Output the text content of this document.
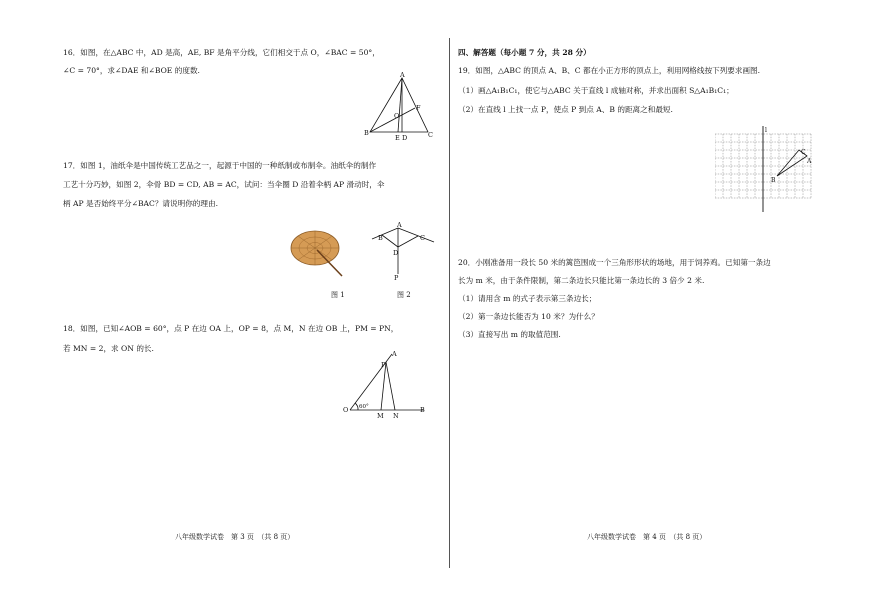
16．如图，在△ABC 中，AD 是高，AE, BF 是角平分线，它们相交于点 O，∠BAC = 50°，
∠C = 70°，求∠DAE 和∠BOE 的度数.	A
B	C
O
F
E D
17．如图 1，油纸伞是中国传统工艺品之一，起源于中国的一种纸制或布制伞。油纸伞的制作
工艺十分巧妙，如图 2，伞骨 BD = CD, AB = AC，试问：当伞圈 D 沿着伞柄 AP 滑动时，伞
柄 AP 是否始终平分∠BAC？请说明你的理由.
图 1
A
B	C
D
P
图 2
18．如图，已知∠AOB = 60°，点 P 在边 OA 上，OP = 8，点 M，N 在边 OB 上，PM = PN，
若 MN = 2，求 ON 的长.
A
P
O 60°
M N
B
八年级数学试卷　第 3 页　（共 8 页）
四、解答题（每小题 7 分，共 28 分）
19．如图，△ABC 的顶点 A、B、C 都在小正方形的顶点上，利用网格线按下列要求画图.
（1）画△A₁B₁C₁，使它与△ABC 关于直线 l 成轴对称，并求出面积 S△A₁B₁C₁；
（2）在直线 l 上找一点 P，使点 P 到点 A、B 的距离之和最短.
l
A
B
C
20．小刚准备用一段长 50 米的篱笆围成一个三角形形状的场地，用于饲养鸡。已知第一条边
长为 m 米，由于条件限制，第二条边长只能比第一条边长的 3 倍少 2 米.
（1）请用含 m 的式子表示第三条边长；
（2）第一条边长能否为 10 米？为什么？
（3）直接写出 m 的取值范围.
八年级数学试卷　第 4 页　（共 8 页）
